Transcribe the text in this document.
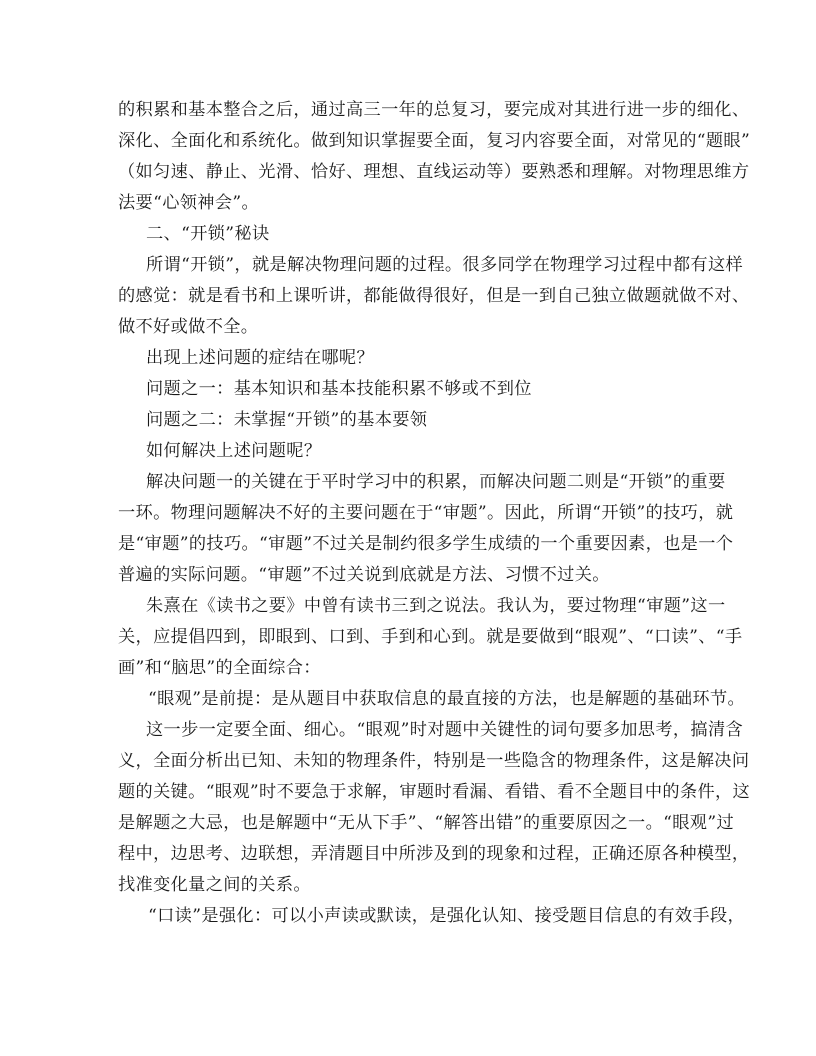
的积累和基本整合之后，通过高三一年的总复习，要完成对其进行进一步的细化、
深化、全面化和系统化。做到知识掌握要全面，复习内容要全面，对常见的“题眼”
（如匀速、静止、光滑、恰好、理想、直线运动等）要熟悉和理解。对物理思维方
法要“心领神会”。
二、“开锁”秘诀
所谓“开锁”，就是解决物理问题的过程。很多同学在物理学习过程中都有这样
的感觉：就是看书和上课听讲，都能做得很好，但是一到自己独立做题就做不对、
做不好或做不全。
出现上述问题的症结在哪呢？
问题之一：基本知识和基本技能积累不够或不到位
问题之二：未掌握“开锁”的基本要领
如何解决上述问题呢？
解决问题一的关键在于平时学习中的积累，而解决问题二则是“开锁”的重要
一环。物理问题解决不好的主要问题在于“审题”。因此，所谓“开锁”的技巧，就
是“审题”的技巧。“审题”不过关是制约很多学生成绩的一个重要因素，也是一个
普遍的实际问题。“审题”不过关说到底就是方法、习惯不过关。
朱熹在《读书之要》中曾有读书三到之说法。我认为，要过物理“审题”这一
关，应提倡四到，即眼到、口到、手到和心到。就是要做到“眼观”、“口读”、“手
画”和“脑思”的全面综合：
“眼观”是前提：是从题目中获取信息的最直接的方法，也是解题的基础环节。
这一步一定要全面、细心。“眼观”时对题中关键性的词句要多加思考，搞清含
义，全面分析出已知、未知的物理条件，特别是一些隐含的物理条件，这是解决问
题的关键。“眼观”时不要急于求解，审题时看漏、看错、看不全题目中的条件，这
是解题之大忌，也是解题中“无从下手”、“解答出错”的重要原因之一。“眼观”过
程中，边思考、边联想，弄清题目中所涉及到的现象和过程，正确还原各种模型，
找准变化量之间的关系。
“口读”是强化：可以小声读或默读，是强化认知、接受题目信息的有效手段，
